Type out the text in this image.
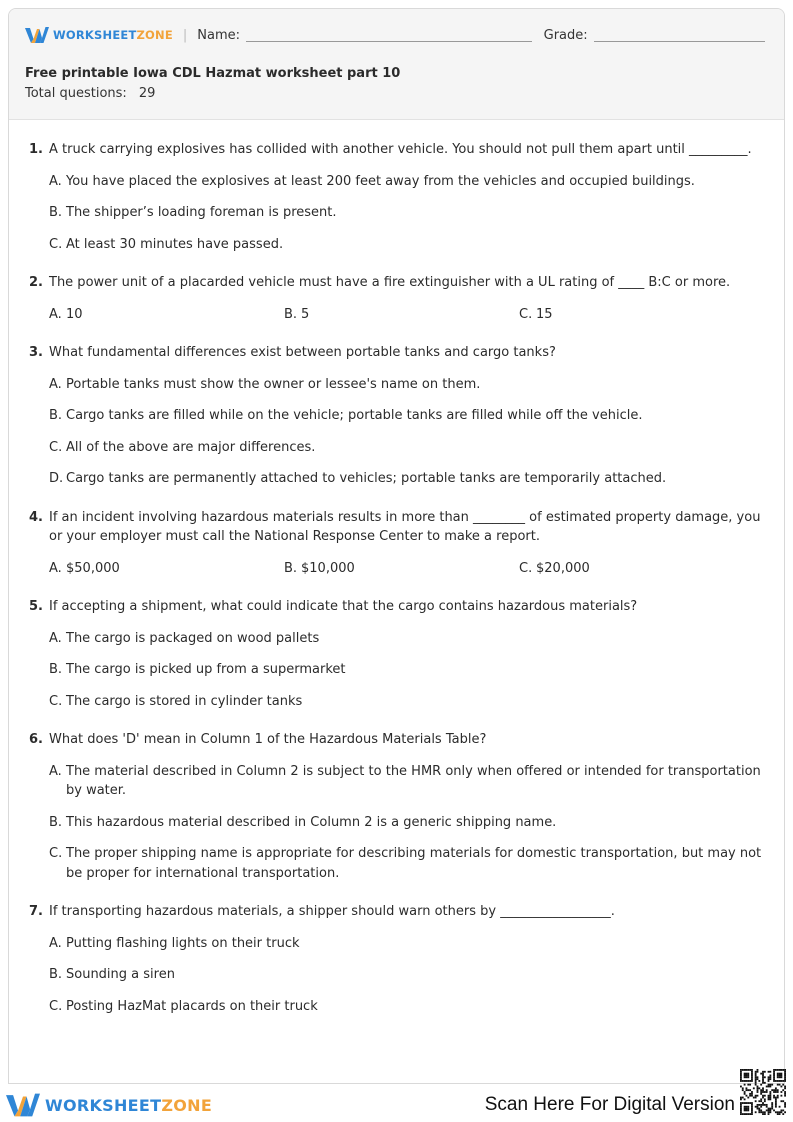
WORKSHEETZONE | Name:	Grade:
Free printable Iowa CDL Hazmat worksheet part 10
Total questions: 29
1. A truck carrying explosives has collided with another vehicle. You should not pull them apart until _________.
A. You have placed the explosives at least 200 feet away from the vehicles and occupied buildings.
B. The shipper’s loading foreman is present.
C. At least 30 minutes have passed.
2. The power unit of a placarded vehicle must have a fire extinguisher with a UL rating of ____ B:C or more.
A. 10	B. 5	C. 15
3. What fundamental differences exist between portable tanks and cargo tanks?
A. Portable tanks must show the owner or lessee's name on them.
B. Cargo tanks are filled while on the vehicle; portable tanks are filled while off the vehicle.
C. All of the above are major differences.
D. Cargo tanks are permanently attached to vehicles; portable tanks are temporarily attached.
4. If an incident involving hazardous materials results in more than ________ of estimated property damage, you or your employer must call the National Response Center to make a report.
A. $50,000	B. $10,000	C. $20,000
5. If accepting a shipment, what could indicate that the cargo contains hazardous materials?
A. The cargo is packaged on wood pallets
B. The cargo is picked up from a supermarket
C. The cargo is stored in cylinder tanks
6. What does 'D' mean in Column 1 of the Hazardous Materials Table?
A. The material described in Column 2 is subject to the HMR only when offered or intended for transportation by water.
B. This hazardous material described in Column 2 is a generic shipping name.
C. The proper shipping name is appropriate for describing materials for domestic transportation, but may not be proper for international transportation.
7. If transporting hazardous materials, a shipper should warn others by _________________.
A. Putting flashing lights on their truck
B. Sounding a siren
C. Posting HazMat placards on their truck
WORKSHEETZONE	Scan Here For Digital Version
